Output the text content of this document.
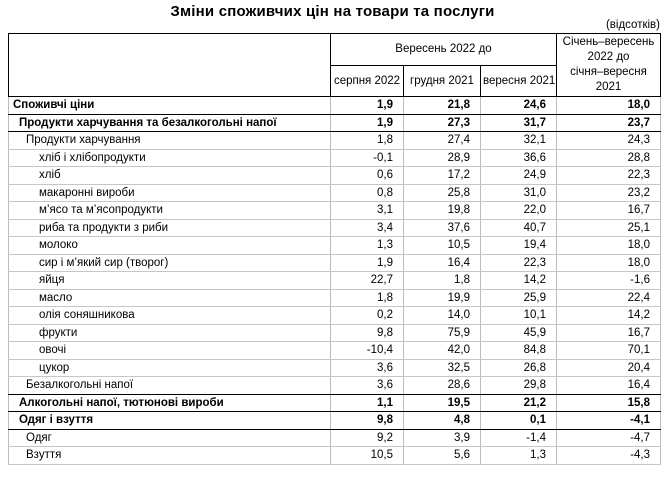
Зміни споживчих цін на товари та послуги
(відсотків)
	Вересень 2022 до			Січень–вересень
2022 до
січня–вересня
2021

	серпня 2022	грудня 2021	вересня 2021	
Споживчі ціни	1,9	21,8	24,6	18,0
Продукти харчування та безалкогольні напої	1,9	27,3	31,7	23,7
Продукти харчування	1,8	27,4	32,1	24,3
хліб і хлібопродукти	-0,1	28,9	36,6	28,8
хліб	0,6	17,2	24,9	22,3
макаронні вироби	0,8	25,8	31,0	23,2
м’ясо та м’ясопродукти	3,1	19,8	22,0	16,7
риба та продукти з риби	3,4	37,6	40,7	25,1
молоко	1,3	10,5	19,4	18,0
сир і м’який сир (творог)	1,9	16,4	22,3	18,0
яйця	22,7	1,8	14,2	-1,6
масло	1,8	19,9	25,9	22,4
олія соняшникова	0,2	14,0	10,1	14,2
фрукти	9,8	75,9	45,9	16,7
овочі	-10,4	42,0	84,8	70,1
цукор	3,6	32,5	26,8	20,4
Безалкогольні напої	3,6	28,6	29,8	16,4
Алкогольні напої, тютюнові вироби	1,1	19,5	21,2	15,8
Одяг і взуття	9,8	4,8	0,1	-4,1
Одяг	9,2	3,9	-1,4	-4,7
Взуття	10,5	5,6	1,3	-4,3
